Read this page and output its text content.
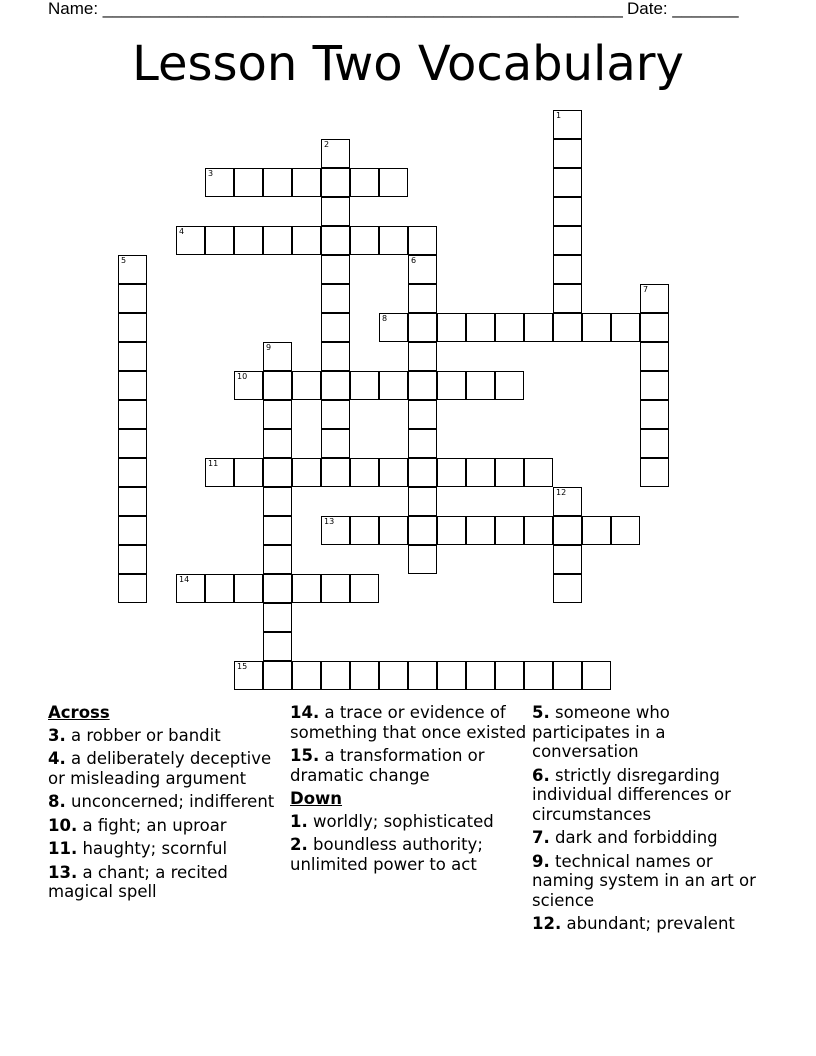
Name: _______________________________________________________ Date: _______
Lesson Two Vocabulary
1
2
3
4
5	6
7
8
9
10
11
12
13
14
15
Across
3. a robber or bandit
4. a deliberately deceptive or misleading argument
8. unconcerned; indifferent
10. a fight; an uproar
11. haughty; scornful
13. a chant; a recited magical spell
14. a trace or evidence of something that once existed
15. a transformation or dramatic change
Down
1. worldly; sophisticated
2. boundless authority; unlimited power to act
5. someone who participates in a conversation
6. strictly disregarding individual differences or circumstances
7. dark and forbidding
9. technical names or naming system in an art or science
12. abundant; prevalent
